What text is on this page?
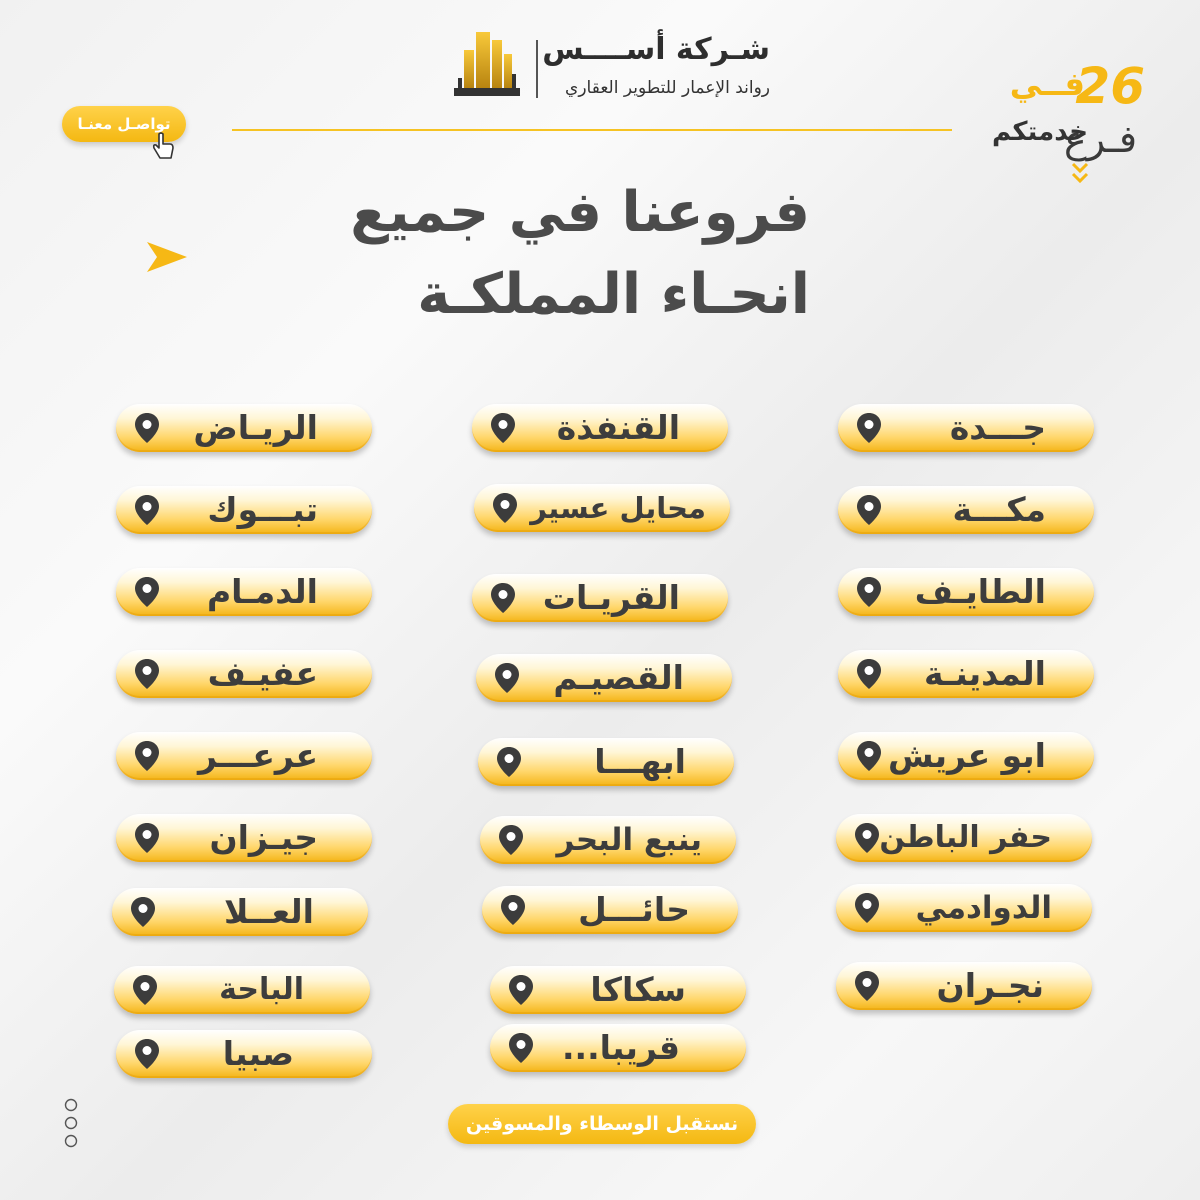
شـركة أســــس
رواند الإعمار للتطوير العقاري
تواصـل معنـا
26
فـرع
فــي
خدمتكم
فروعنا في جميع
انحـاء المملكـة
جـــدة
مكـــة
الطايـف
المدينـة
ابو عريش
حفر الباطن
الدوادمي
نجـران
القنفذة
محايل عسير
القريـات
القصيـم
ابهـــا
ينبع البحر
حائـــل
سكاكا
قريبا...
الريـاض
تبـــوك
الدمـام
عفيـف
عرعـــر
جيـزان
العــلا
الباحة
صبيا
نستقبل الوسطاء والمسوقين
